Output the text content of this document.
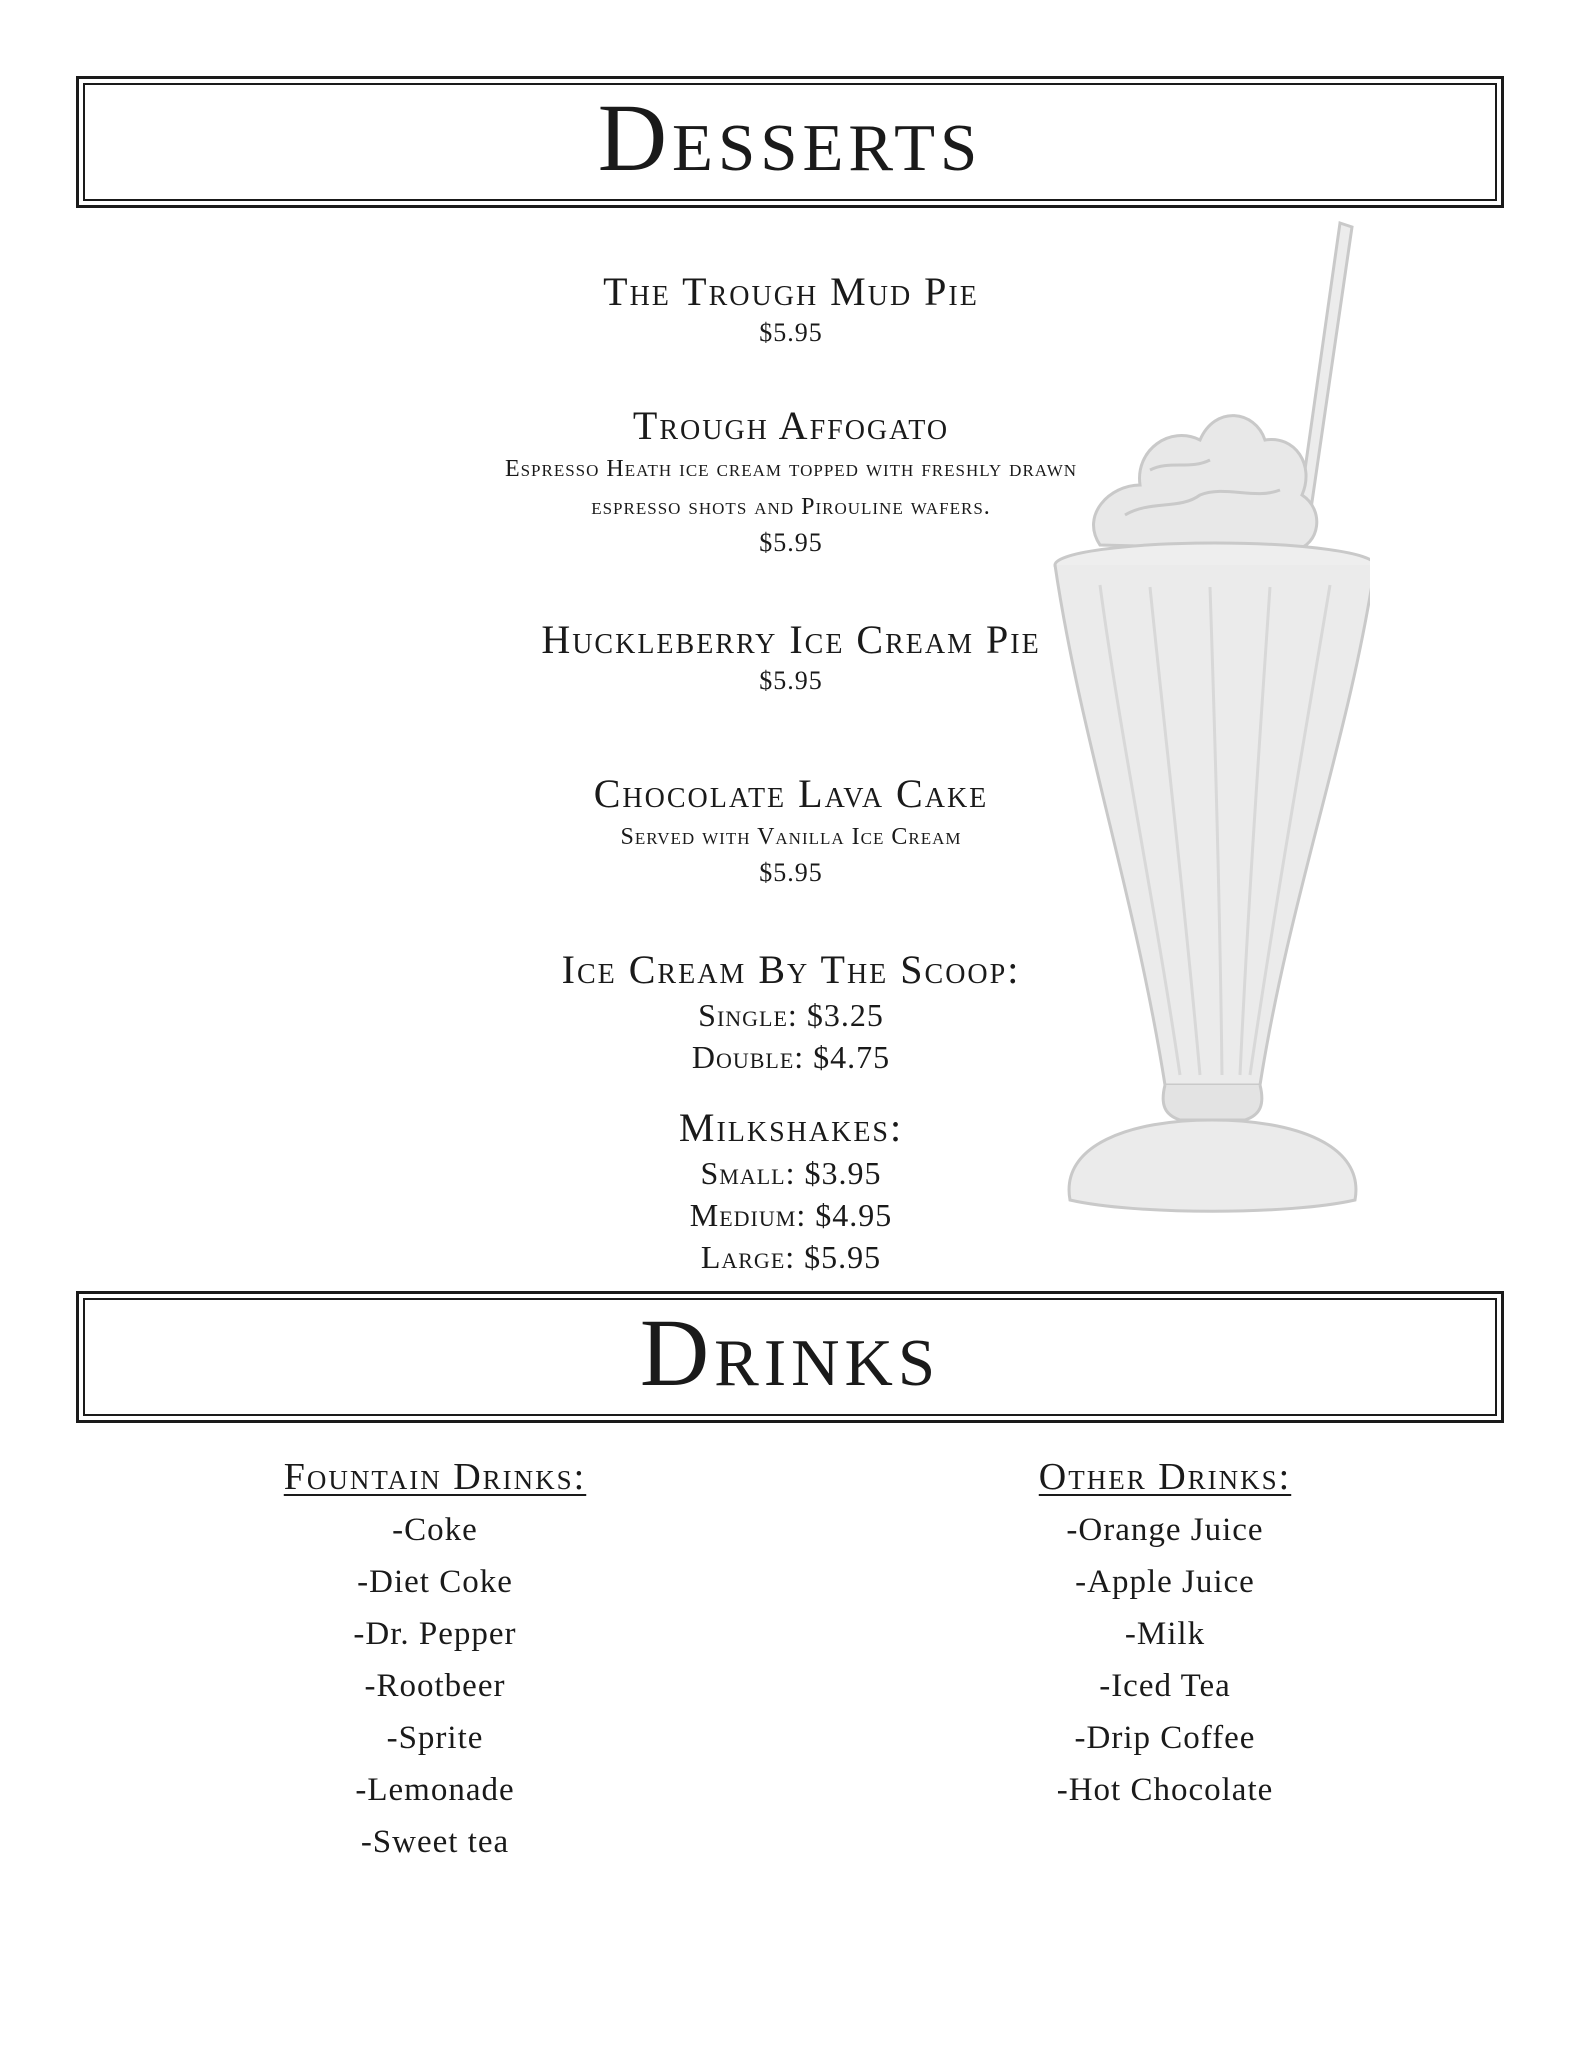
Desserts
The Trough Mud Pie
$5.95
Trough Affogato
Espresso Heath ice cream topped with freshly drawn
espresso shots and Pirouline wafers.
$5.95
Huckleberry Ice Cream Pie
$5.95
Chocolate Lava Cake
Served with Vanilla Ice Cream
$5.95
Ice Cream By The Scoop:
Single: $3.25
Double: $4.75
Milkshakes:
Small: $3.95
Medium: $4.95
Large: $5.95
Drinks
Fountain Drinks:
-Coke
-Diet Coke
-Dr. Pepper
-Rootbeer
-Sprite
-Lemonade
-Sweet tea
Other Drinks:
-Orange Juice
-Apple Juice
-Milk
-Iced Tea
-Drip Coffee
-Hot Chocolate
